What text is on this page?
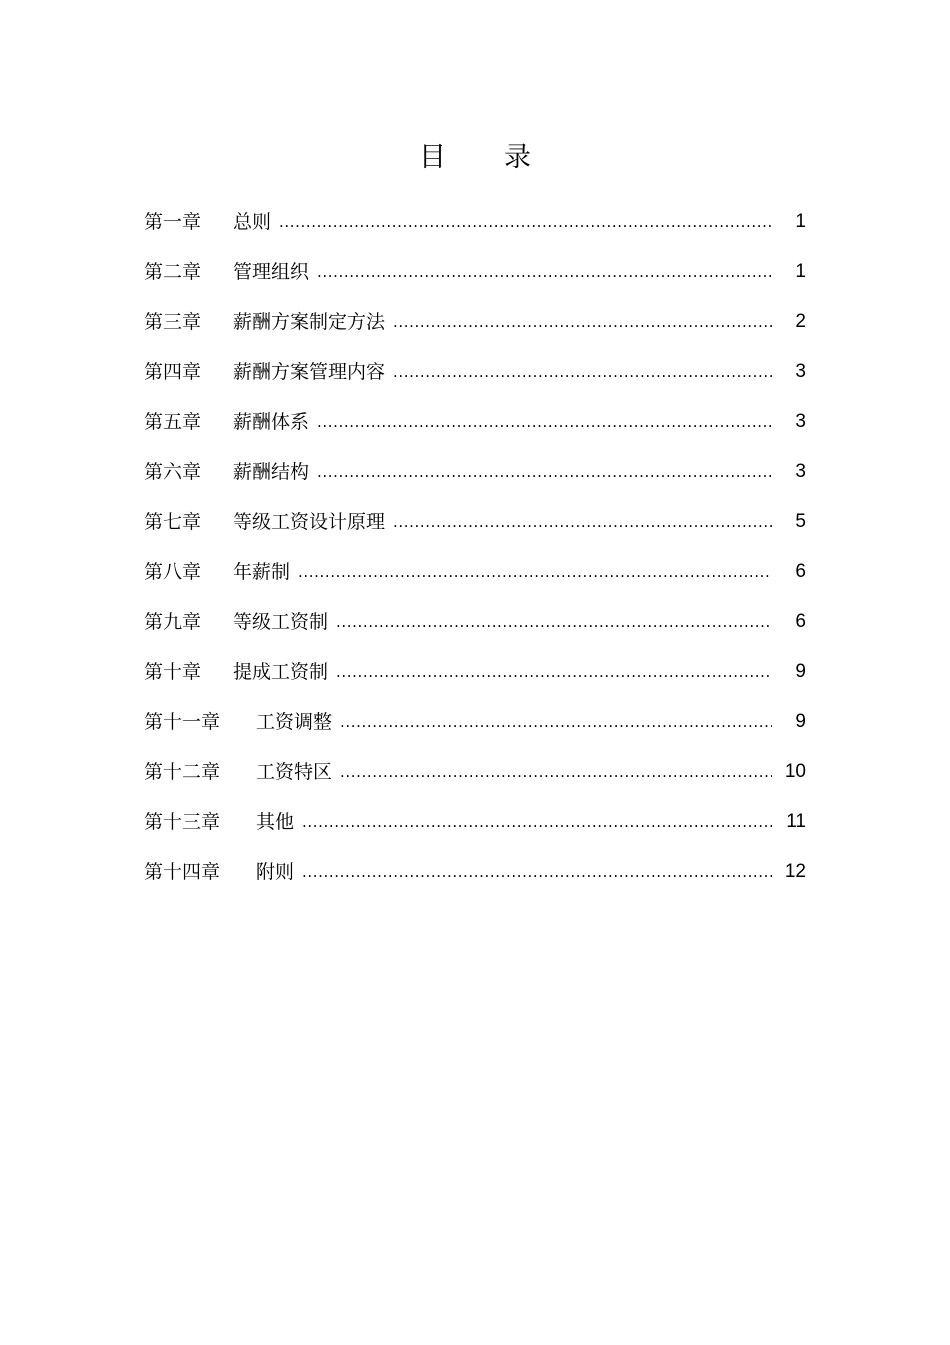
目 录
第一章	总则 .....	1
第二章	管理组织 .....	1
第三章	薪酬方案制定方法 .....	2
第四章	薪酬方案管理内容 .....	3
第五章	薪酬体系 .....	3
第六章	薪酬结构 .....	3
第七章	等级工资设计原理 .....	5
第八章	年薪制 .....	6
第九章	等级工资制 .....	6
第十章	提成工资制 .....	9
第十一章	工资调整 .....	9
第十二章	工资特区 .....	10
第十三章	其他 .....	11
第十四章	附则 .....	12
